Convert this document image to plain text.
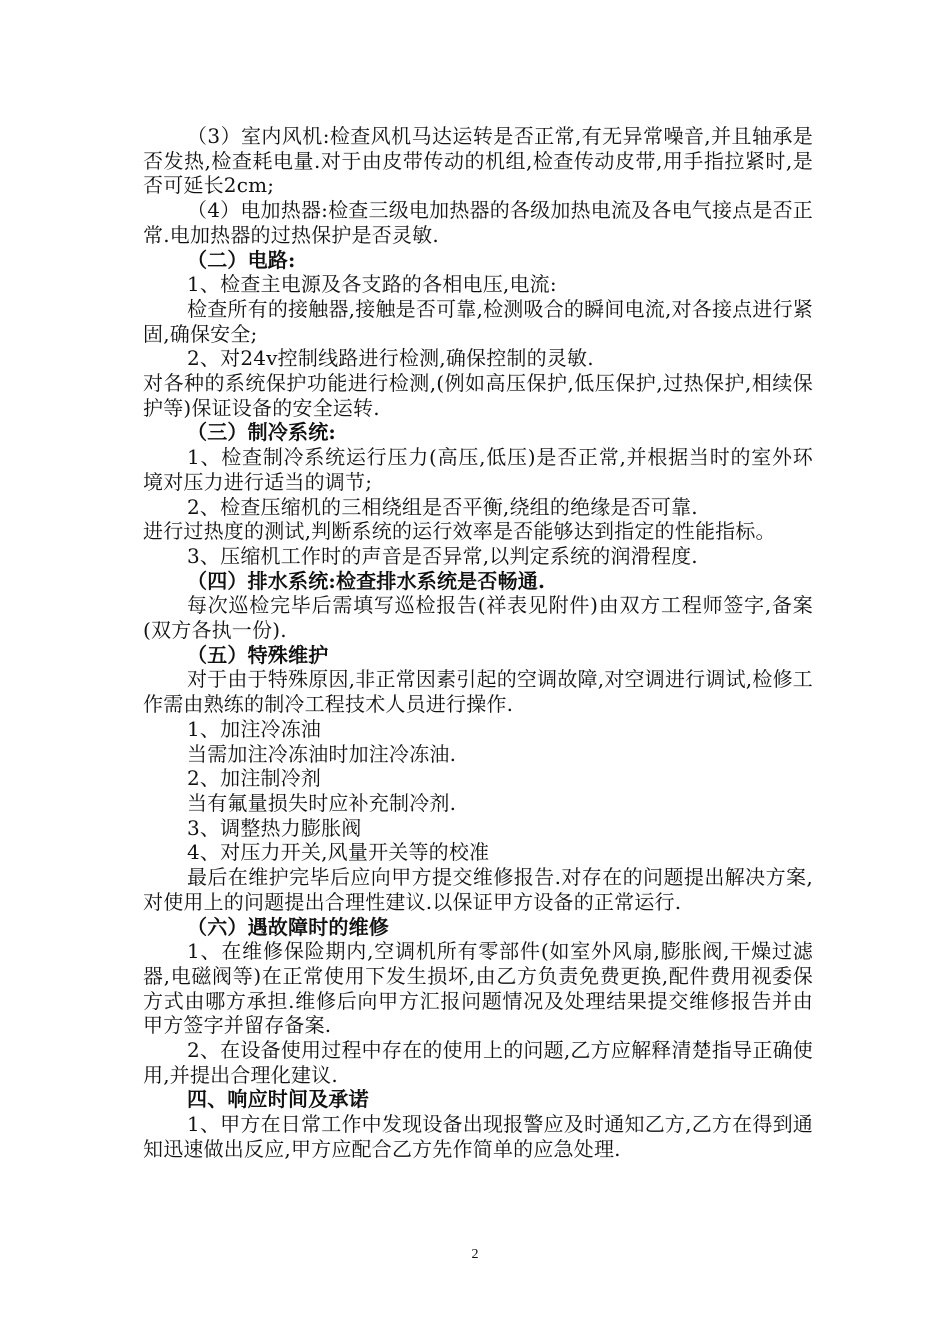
（3）室内风机:检查风机马达运转是否正常,有无异常噪音,并且轴承是否发热,检查耗电量.对于由皮带传动的机组,检查传动皮带,用手指拉紧时,是否可延长2cm;

（4）电加热器:检查三级电加热器的各级加热电流及各电气接点是否正常.电加热器的过热保护是否灵敏.

（二）电路:

1、检查主电源及各支路的各相电压,电流:

检查所有的接触器,接触是否可靠,检测吸合的瞬间电流,对各接点进行紧固,确保安全;

2、对24v控制线路进行检测,确保控制的灵敏.

对各种的系统保护功能进行检测,(例如高压保护,低压保护,过热保护,相续保护等)保证设备的安全运转.

（三）制冷系统:

1、检查制冷系统运行压力(高压,低压)是否正常,并根据当时的室外环境对压力进行适当的调节;

2、检查压缩机的三相绕组是否平衡,绕组的绝缘是否可靠.

进行过热度的测试,判断系统的运行效率是否能够达到指定的性能指标。

3、压缩机工作时的声音是否异常,以判定系统的润滑程度.

（四）排水系统:检查排水系统是否畅通.

每次巡检完毕后需填写巡检报告(祥表见附件)由双方工程师签字,备案(双方各执一份).

（五）特殊维护

对于由于特殊原因,非正常因素引起的空调故障,对空调进行调试,检修工作需由熟练的制冷工程技术人员进行操作.

1、加注冷冻油

当需加注冷冻油时加注冷冻油.

2、加注制冷剂

当有氟量损失时应补充制冷剂.

3、调整热力膨胀阀

4、对压力开关,风量开关等的校准

最后在维护完毕后应向甲方提交维修报告.对存在的问题提出解决方案,对使用上的问题提出合理性建议.以保证甲方设备的正常运行.

（六）遇故障时的维修

1、在维修保险期内,空调机所有零部件(如室外风扇,膨胀阀,干燥过滤器,电磁阀等)在正常使用下发生损坏,由乙方负责免费更换,配件费用视委保方式由哪方承担.维修后向甲方汇报问题情况及处理结果提交维修报告并由甲方签字并留存备案.

2、在设备使用过程中存在的使用上的问题,乙方应解释清楚指导正确使用,并提出合理化建议.

四、响应时间及承诺

1、甲方在日常工作中发现设备出现报警应及时通知乙方,乙方在得到通知迅速做出反应,甲方应配合乙方先作简单的应急处理.

2
